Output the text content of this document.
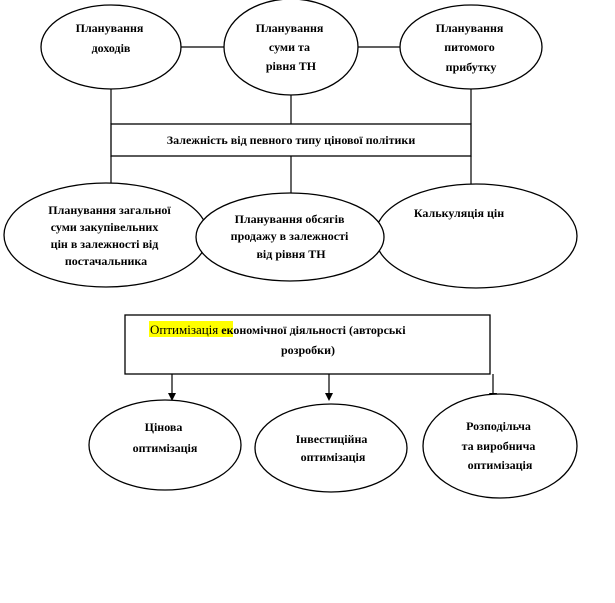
Планування доходів
Планування суми та рівня ТН
Планування питомого прибутку
Залежність від певного типу цінової політики
Планування загальної суми закупівельних цін в залежності від постачальника
Планування обсягів продажу в залежності від рівня ТН
Калькуляція цін
Оптимізація економічної діяльності (авторські
розробки)
Цінова оптимізація
Інвестиційна оптимізація
Розподільча та виробнича оптимізація
